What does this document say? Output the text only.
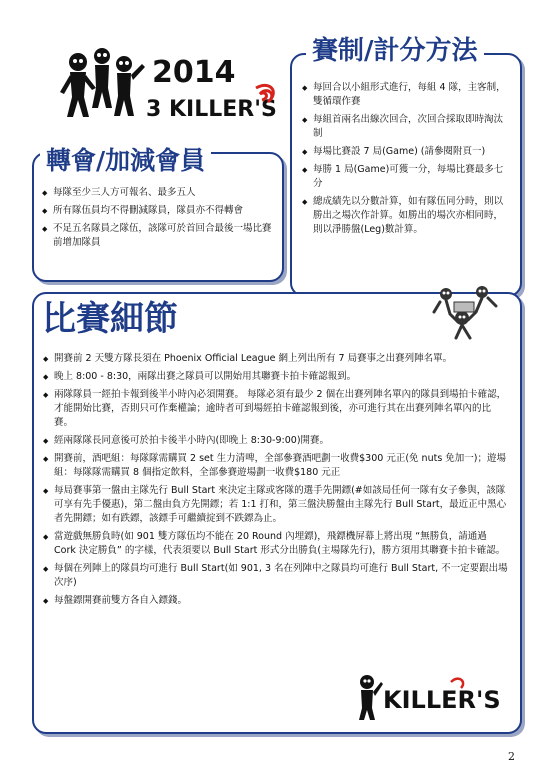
2014
3 KILLER'S
◆ 每回合以小組形式進行，每組 4 隊，主客制，雙循環作賽
◆ 每組首兩名出線次回合，次回合採取即時淘汰制
◆ 每場比賽設 7 局(Game) (請參閱附頁一)
◆ 每勝 1 局(Game)可獲一分，每場比賽最多七分
◆ 總成績先以分數計算，如有隊伍同分時，則以勝出之場次作計算。如勝出的場次亦相同時，則以淨勝盤(Leg)數計算。
賽制/計分方法
◆ 每隊至少三人方可報名、最多五人
◆ 所有隊伍員均不得刪減隊員，隊員亦不得轉會
◆ 不足五名隊員之隊伍，該隊可於首回合最後一場比賽前增加隊員
轉會/加減會員
◆ 開賽前 2 天雙方隊長須在 Phoenix Official League 網上列出所有 7 局賽事之出賽列陣名單。
◆ 晚上 8:00 - 8:30，兩隊出賽之隊員可以開始用其聯賽卡拍卡確認報到。
◆ 兩隊隊員一經拍卡報到後半小時內必須開賽。 每隊必須有最少 2 個在出賽列陣名單內的隊員到場拍卡確認，才能開始比賽，否則只可作棄權論；逾時者可到場經拍卡確認報到後，亦可進行其在出賽列陣名單內的比賽。
◆ 經兩隊隊長同意後可於拍卡後半小時內(即晚上 8:30-9:00)開賽。
◆ 開賽前，酒吧組：每隊隊需購買 2 set 生力清啤，全部參賽酒吧劃一收費$300 元正(免 nuts 免加一)；遊場組：每隊隊需購買 8 個指定飲料，全部參賽遊場劃一收費$180 元正
◆ 每局賽事第一盤由主隊先行 Bull Start 來決定主隊或客隊的選手先開鏢(#如該局任何一隊有女子參與，該隊可享有先手優惠)，第二盤由負方先開鏢；若 1:1 打和，第三盤決勝盤由主隊先行 Bull Start，最近正中黑心者先開鏢；如有跌鏢，該鏢手可繼續掟到不跌鏢為止。
◆ 當遊戲無勝負時(如 901 雙方隊伍均不能在 20 Round 內埋鏢)，飛鏢機屏幕上將出現 “無勝負，請通過 Cork 決定勝負” 的字樣，代表須要以 Bull Start 形式分出勝負(主場隊先行)，勝方須用其聯賽卡拍卡確認。
◆ 每個在列陣上的隊員均可進行 Bull Start(如 901, 3 名在列陣中之隊員均可進行 Bull Start, 不一定要跟出場次序)
◆ 每盤鏢開賽前雙方各自入鏢錢。
比賽細節
KILLER'S
2
